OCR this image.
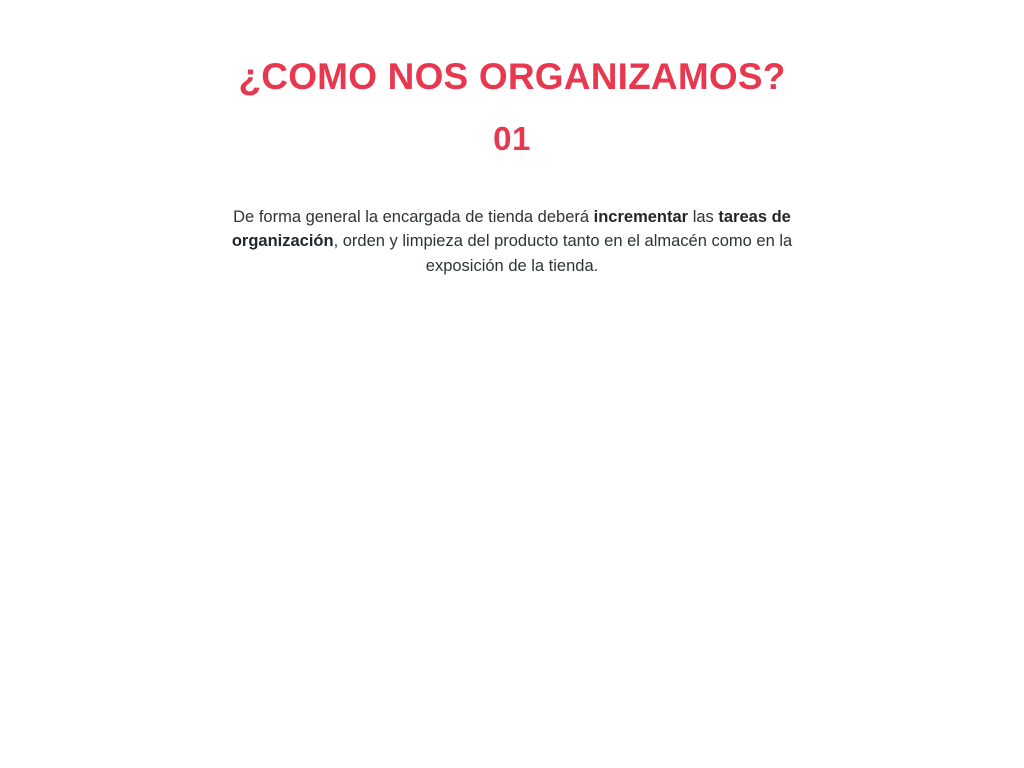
¿COMO NOS ORGANIZAMOS?
01

De forma general la encargada de tienda deberá incrementar las tareas de organización, orden y limpieza del producto tanto en el almacén como en la exposición de la tienda.
